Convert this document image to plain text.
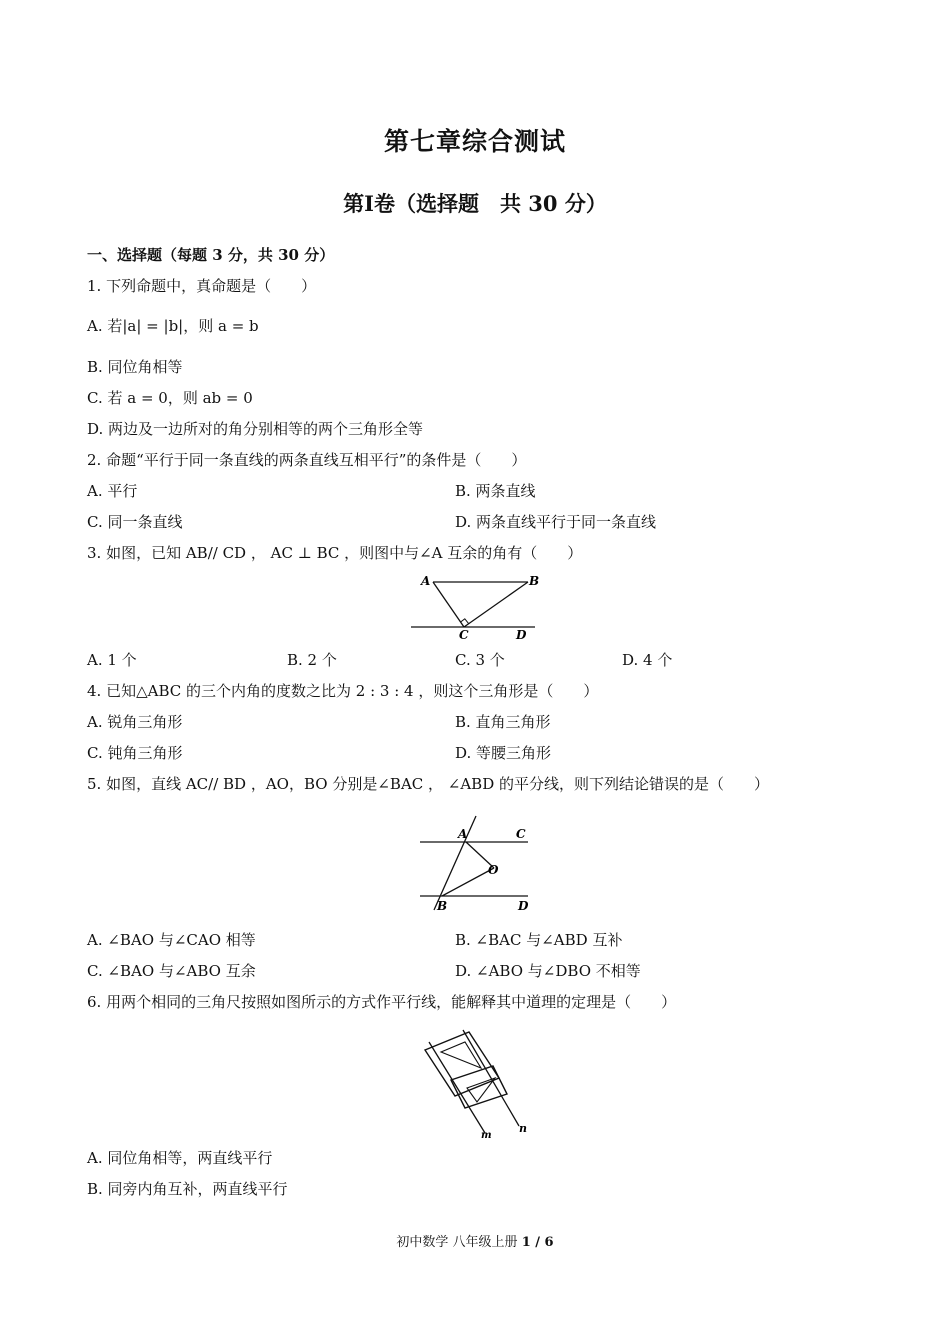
第七章综合测试
第Ⅰ卷（选择题　共 30 分）
一、选择题（每题 3 分，共 30 分）
1. 下列命题中，真命题是（　　）
A. 若|a| = |b|，则 a = b
B. 同位角相等
C. 若 a = 0，则 ab = 0
D. 两边及一边所对的角分别相等的两个三角形全等
2. 命题“平行于同一条直线的两条直线互相平行”的条件是（　　）
A. 平行	B. 两条直线
C. 同一条直线	D. 两条直线平行于同一条直线
3. 如图，已知 AB// CD ， AC ⊥ BC ，则图中与∠A 互余的角有（　　）
A	B
C	D
A. 1 个	B. 2 个	C. 3 个	D. 4 个
4. 已知△ABC 的三个内角的度数之比为 2 : 3 : 4 ，则这个三角形是（　　）
A. 锐角三角形	B. 直角三角形
C. 钝角三角形	D. 等腰三角形
5. 如图，直线 AC// BD ，AO，BO 分别是∠BAC ， ∠ABD 的平分线，则下列结论错误的是（　　）
A	C
O
B	D
A. ∠BAO 与∠CAO 相等	B. ∠BAC 与∠ABD 互补
C. ∠BAO 与∠ABO 互余	D. ∠ABO 与∠DBO 不相等
6. 用两个相同的三角尺按照如图所示的方式作平行线，能解释其中道理的定理是（　　）
m
n
A. 同位角相等，两直线平行
B. 同旁内角互补，两直线平行
初中数学 八年级上册 1 / 6
